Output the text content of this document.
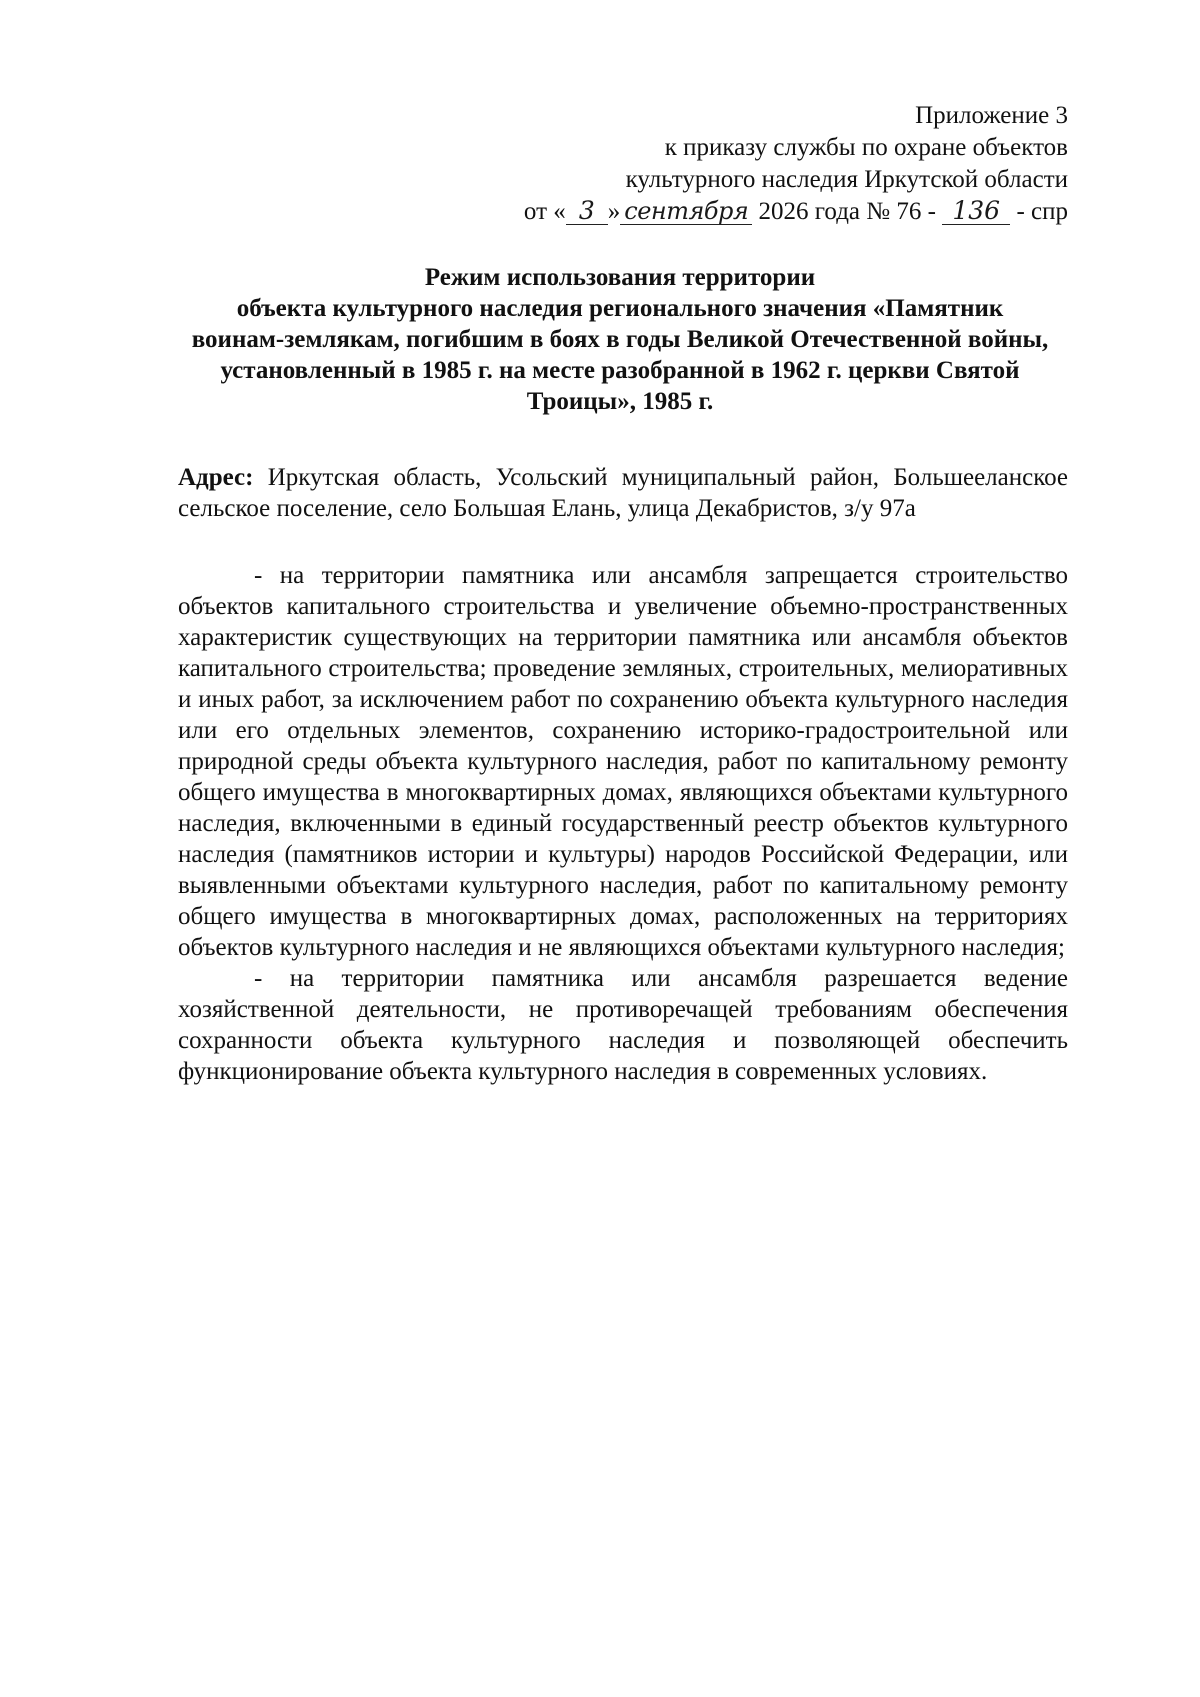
Приложение 3
к приказу службы по охране объектов
культурного наследия Иркутской области
от « 3 » сентября 2026 года № 76 - 136 - спр
Режим использования территории
объекта культурного наследия регионального значения «Памятник
воинам-землякам, погибшим в боях в годы Великой Отечественной войны,
установленный в 1985 г. на месте разобранной в 1962 г. церкви Святой
Троицы», 1985 г.
Адрес: Иркутская область, Усольский муниципальный район, Большееланское сельское поселение, село Большая Елань, улица Декабристов, з/у 97а

- на территории памятника или ансамбля запрещается строительство объектов капитального строительства и увеличение объемно-пространственных характеристик существующих на территории памятника или ансамбля объектов капитального строительства; проведение земляных, строительных, мелиоративных и иных работ, за исключением работ по сохранению объекта культурного наследия или его отдельных элементов, сохранению историко-градостроительной или природной среды объекта культурного наследия, работ по капитальному ремонту общего имущества в многоквартирных домах, являющихся объектами культурного наследия, включенными в единый государственный реестр объектов культурного наследия (памятников истории и культуры) народов Российской Федерации, или выявленными объектами культурного наследия, работ по капитальному ремонту общего имущества в многоквартирных домах, расположенных на территориях объектов культурного наследия и не являющихся объектами культурного наследия;

- на территории памятника или ансамбля разрешается ведение хозяйственной деятельности, не противоречащей требованиям обеспечения сохранности объекта культурного наследия и позволяющей обеспечить функционирование объекта культурного наследия в современных условиях.
